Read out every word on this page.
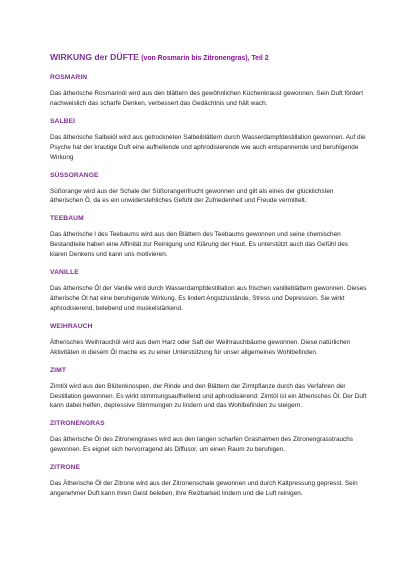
WIRKUNG der DÜFTE (von Rosmarin bis Zitronengras), Teil 2
ROSMARIN

Das ätherische Rosmarinöl wird aus den blättern des gewöhnlichen Küchenkraust gewonnen. Sein Duft fördert nachweislich das scharfe Denken, verbessert das Gedächtnis und hält wach.

SALBEI

Das ätherische Salbeiöl wird aus getrockneten Salbeiblättern durch Wasserdampfdestillation gewonnen. Auf die Psyche hat der krautige Duft eine aufhellende und aphrodisierende wie auch entspannende und beruhigende Wirkung

SÜSSORANGE

Süßorange wird aus der Schale der Süßorangenfrucht gewonnen und gilt als eines der glücklichsten ätherischen Ö, da es ein unwiderstehliches Gefühl der Zufriedenheit und Freude vermittelt.

TEEBAUM

Das ätherische l des Teebaums wird aus den Blättern des Teebaums gewonnen und seine chemischen Bestandteile haben eine Affinität zur Reinigung und Klärung der Haut. Es unterstützt auch das Gefühl des klaren Denkens und kann uns motivieren.

VANILLE

Das ätherische Öl der Vanille wird durch Wasserdampfdestillation aus frischen vanilleblättern gewonnen. Dieses ätherische Öl hat eine beruhigende Wirkung. Es lindert Angstzustände, Stress und Depression. Sie wirkt aphrodisierend, belebend und muskelstärkend.

WEIHRAUCH

Ätherisches Weihrauchöl wird aus dem Harz oder Saft der Weihrauchbäume gewonnen. Diese natürlichen Aktivitäten in diesem Öl mache es zu einer Unterstützung für unser allgemeines Wohlbefinden.

ZIMT

Zimtöl wird aus den Blütenknospen, der Rinde und den Blättern der Zimtpflanze durch das Verfahren der Destillation gewonnen. Es wirkt stimmungsaufhellend und aphrodisierend: Zimtöl ist ein ätherisches Öl. Der Duft kann dabei helfen, depressive Stimmungen zu lindern und das Wohlbefinden zu steigern.

ZITRONENGRAS

Das ätherische Öl des Zitronengrases wird aus den langen scharfen Grashalmen des Zitronengrasstrauchs gewonnen. Es eignet sich hervorragend als Diffusor, um einen Raum zu beruhigen.

ZITRONE

Das Ätherische Öl der Zitrone wird aus der Zitronenschale gewonnen und durch Kaltpressung gepresst. Sein angenehmer Duft kann ihren Geist beleben, ihre Reizbarkeit lindern und die Luft reinigen.
